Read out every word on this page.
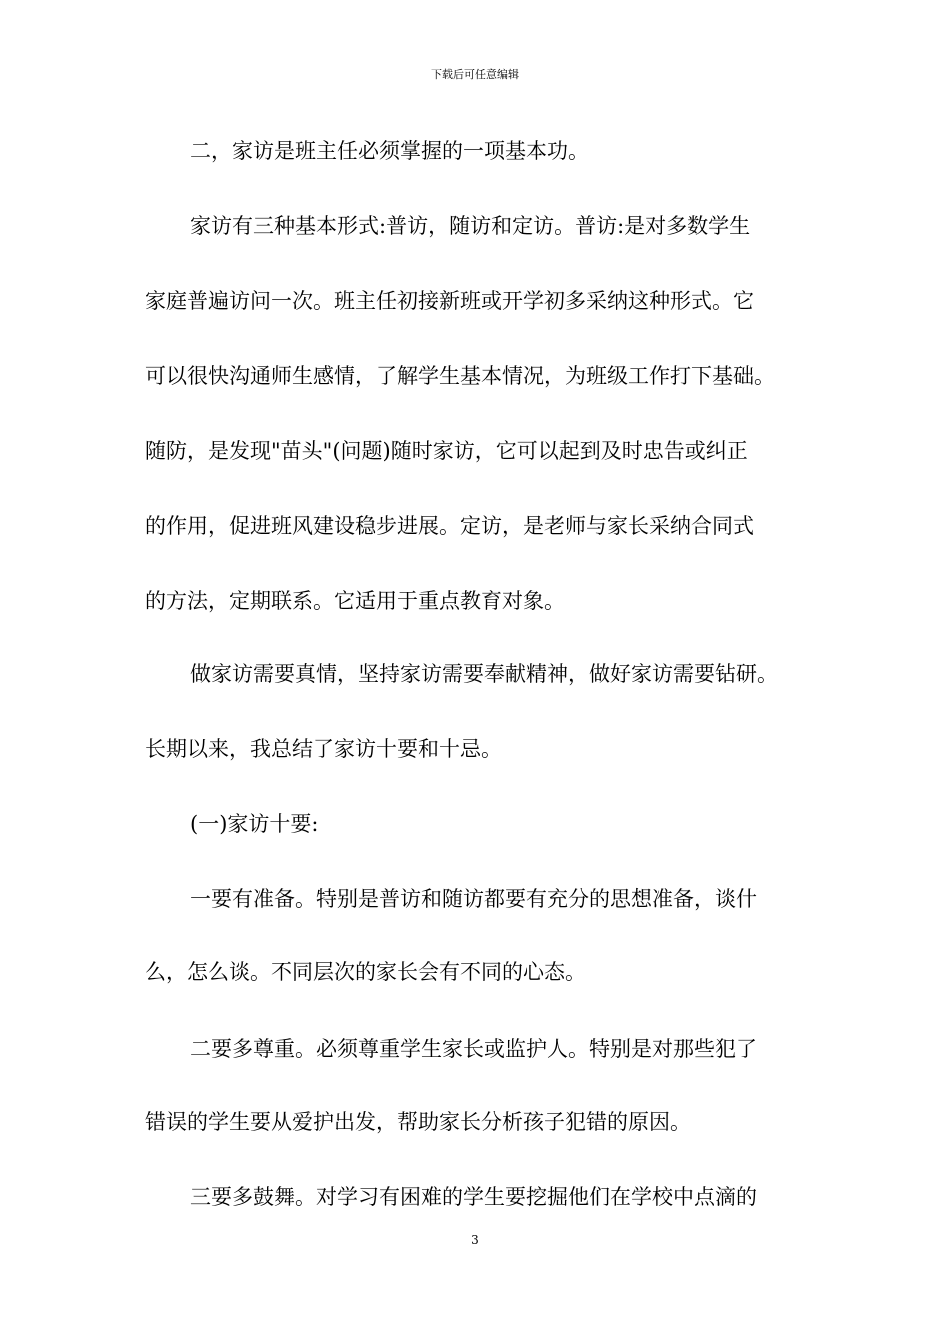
下载后可任意编辑
二，家访是班主任必须掌握的一项基本功。
家访有三种基本形式:普访，随访和定访。普访:是对多数学生
家庭普遍访问一次。班主任初接新班或开学初多采纳这种形式。它
可以很快沟通师生感情，了解学生基本情况，为班级工作打下基础。
随防，是发现"苗头"(问题)随时家访，它可以起到及时忠告或纠正
的作用，促进班风建设稳步进展。定访，是老师与家长采纳合同式
的方法，定期联系。它适用于重点教育对象。
做家访需要真情，坚持家访需要奉献精神，做好家访需要钻研。
长期以来，我总结了家访十要和十忌。
(一)家访十要:
一要有准备。特别是普访和随访都要有充分的思想准备，谈什
么，怎么谈。不同层次的家长会有不同的心态。
二要多尊重。必须尊重学生家长或监护人。特别是对那些犯了
错误的学生要从爱护出发，帮助家长分析孩子犯错的原因。
三要多鼓舞。对学习有困难的学生要挖掘他们在学校中点滴的
3
